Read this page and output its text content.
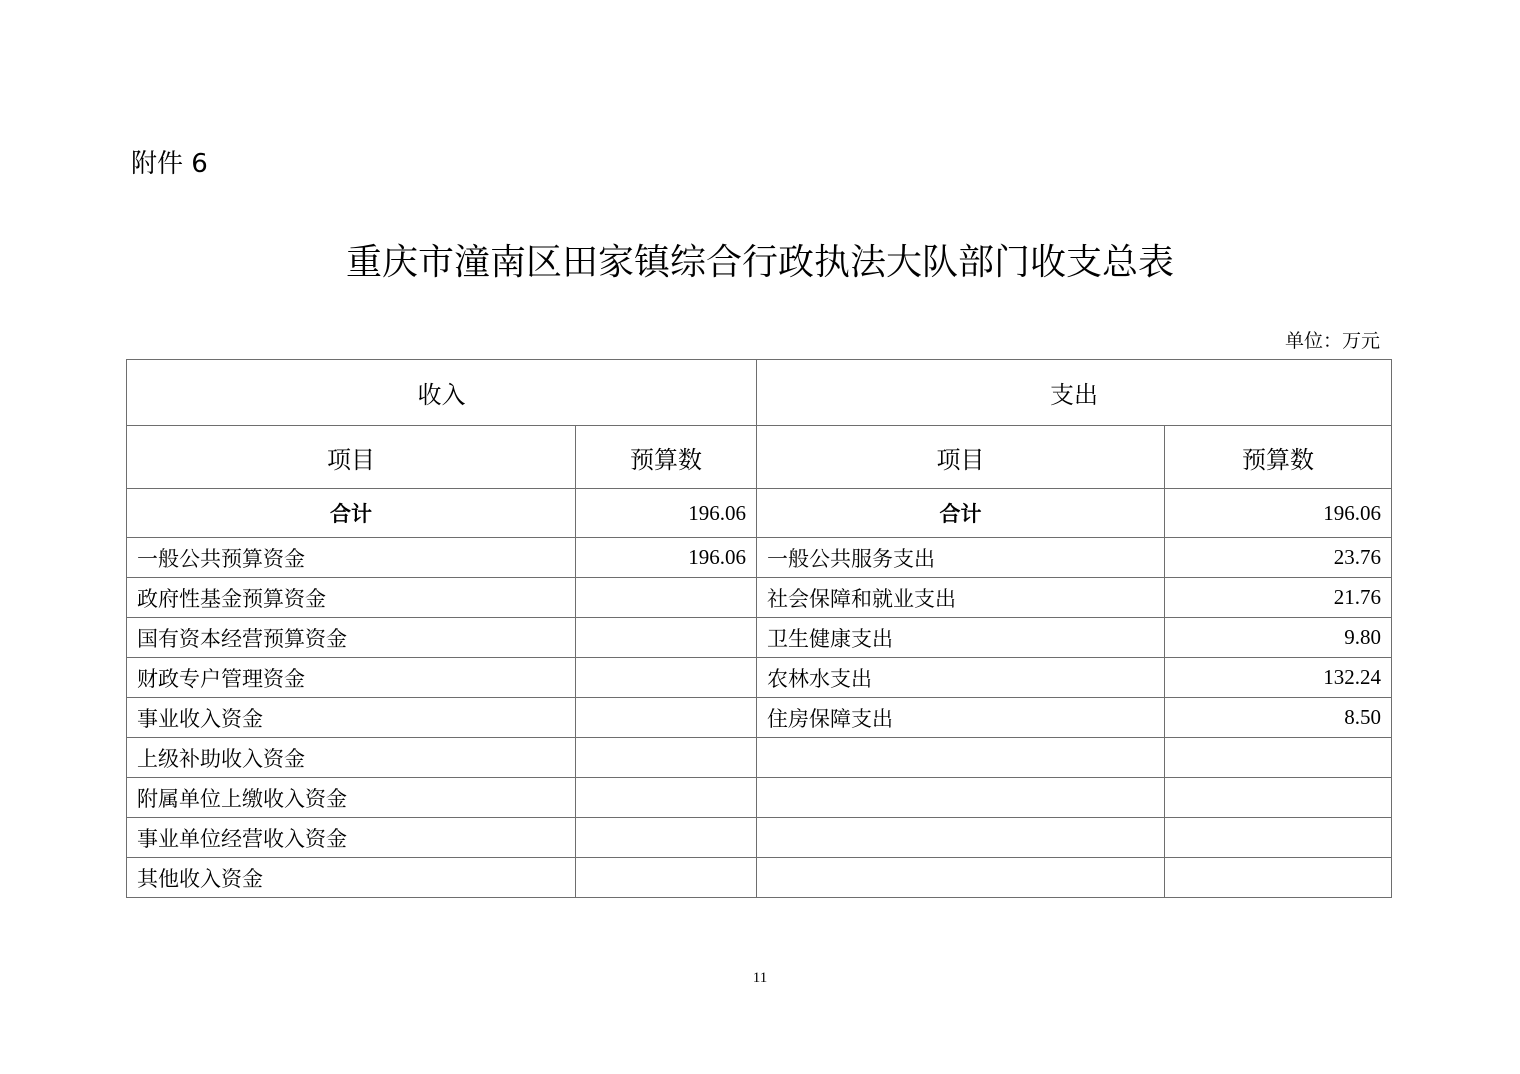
附件 6
重庆市潼南区田家镇综合行政执法大队部门收支总表
单位：万元
收入		支出	
项目	预算数	项目	预算数
合计	196.06	合计	196.06
一般公共预算资金	196.06	一般公共服务支出	23.76
政府性基金预算资金		社会保障和就业支出	21.76
国有资本经营预算资金		卫生健康支出	9.80
财政专户管理资金		农林水支出	132.24
事业收入资金		住房保障支出	8.50
上级补助收入资金			
附属单位上缴收入资金			
事业单位经营收入资金			
其他收入资金			
11
